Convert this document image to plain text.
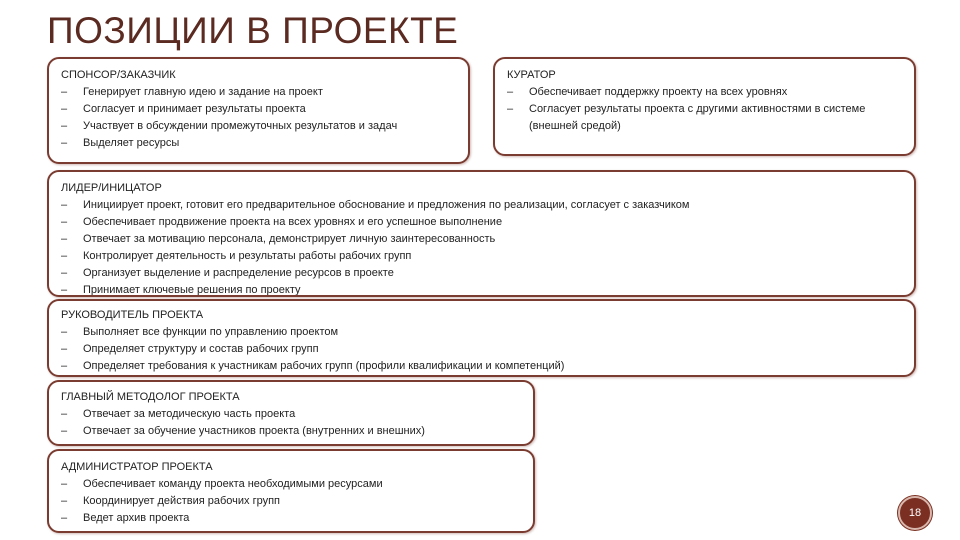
ПОЗИЦИИ В ПРОЕКТЕ
СПОНСОР/ЗАКАЗЧИК
–	Генерирует главную идею и задание на проект
–	Согласует и принимает результаты проекта
–	Участвует в обсуждении промежуточных результатов и задач
–	Выделяет ресурсы
КУРАТОР
–	Обеспечивает поддержку проекту на всех уровнях
–	Согласует результаты проекта с другими активностями в системе (внешней средой)
ЛИДЕР/ИНИЦАТОР
–	Инициирует проект, готовит его предварительное обоснование и предложения по реализации, согласует с заказчиком
–	Обеспечивает продвижение проекта на всех уровнях и его успешное выполнение
–	Отвечает за мотивацию персонала, демонстрирует личную заинтересованность
–	Контролирует деятельность и результаты работы рабочих групп
–	Организует выделение и распределение ресурсов в проекте
–	Принимает ключевые решения по проекту
РУКОВОДИТЕЛЬ ПРОЕКТА
–	Выполняет все функции по управлению проектом
–	Определяет структуру и состав рабочих групп
–	Определяет требования к участникам рабочих групп (профили квалификации и компетенций)
ГЛАВНЫЙ МЕТОДОЛОГ ПРОЕКТА
–	Отвечает за методическую часть проекта
–	Отвечает за обучение участников проекта (внутренних и внешних)
АДМИНИСТРАТОР ПРОЕКТА
–	Обеспечивает команду проекта необходимыми ресурсами
–	Координирует действия рабочих групп
–	Ведет архив проекта	18
